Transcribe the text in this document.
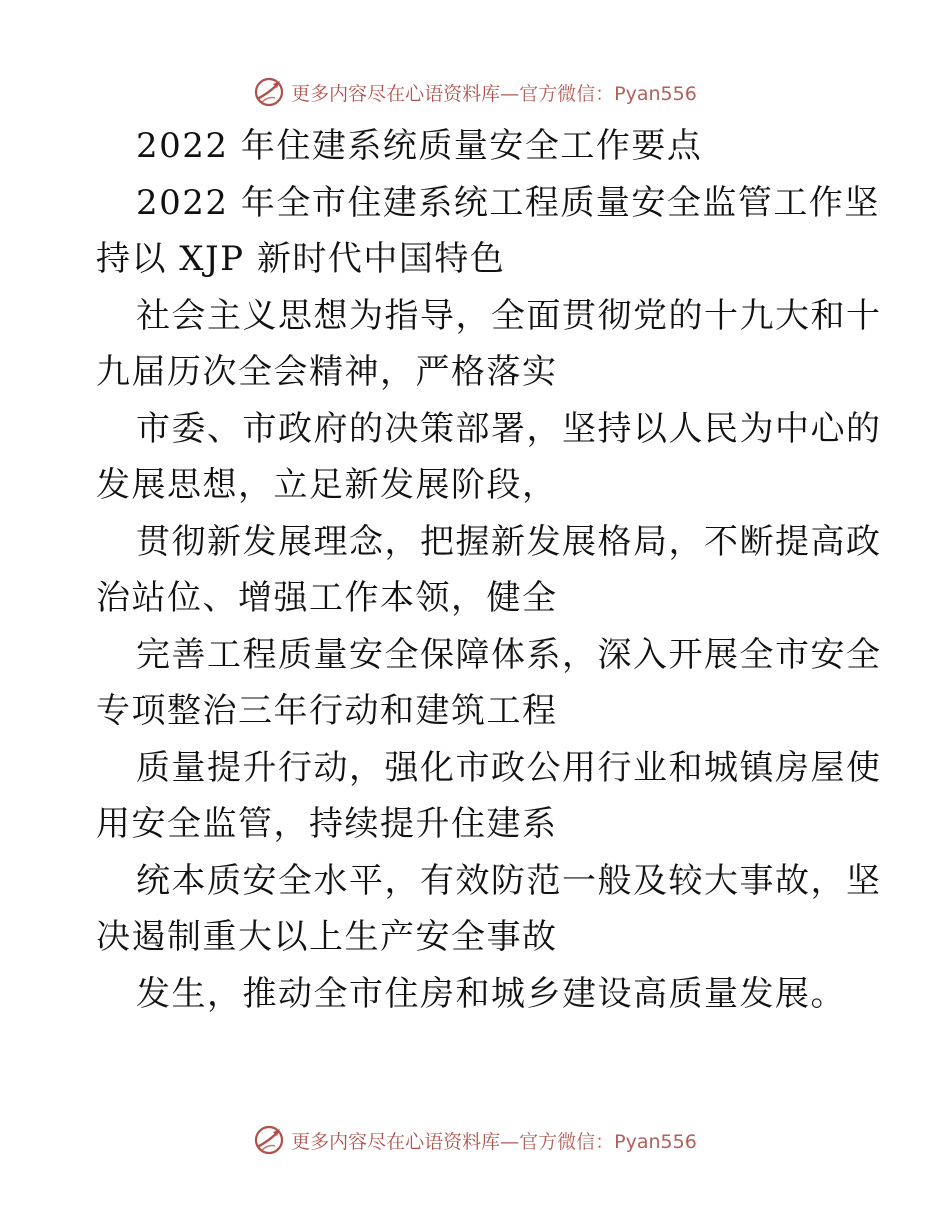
更多内容尽在心语资料库—官方微信：Pyan556
2022 年住建系统质量安全工作要点
2022 年全市住建系统工程质量安全监管工作坚
持以 XJP 新时代中国特色
社会主义思想为指导，全面贯彻党的十九大和十
九届历次全会精神，严格落实
市委、市政府的决策部署，坚持以人民为中心的
发展思想，立足新发展阶段，
贯彻新发展理念，把握新发展格局，不断提高政
治站位、增强工作本领，健全
完善工程质量安全保障体系，深入开展全市安全
专项整治三年行动和建筑工程
质量提升行动，强化市政公用行业和城镇房屋使
用安全监管，持续提升住建系
统本质安全水平，有效防范一般及较大事故，坚
决遏制重大以上生产安全事故
发生，推动全市住房和城乡建设高质量发展。
更多内容尽在心语资料库—官方微信：Pyan556
